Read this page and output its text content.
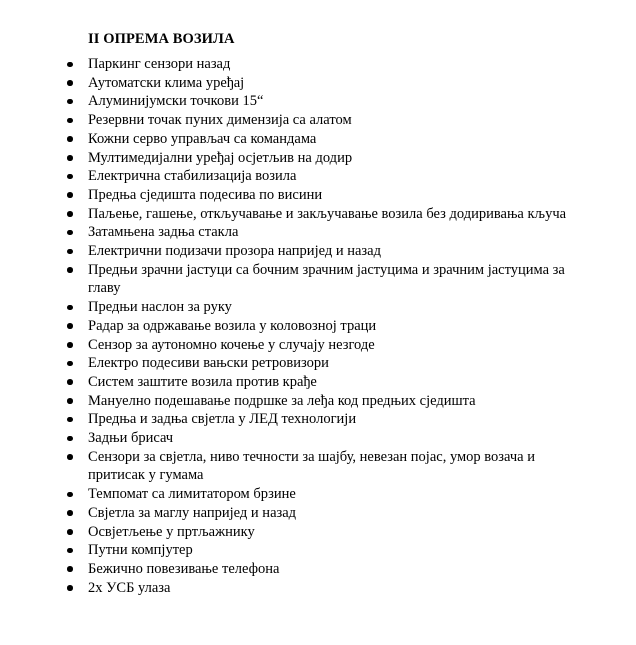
II ОПРЕМА ВОЗИЛА
Паркинг сензори назад
Аутоматски клима уређај
Алуминијумски точкови 15“
Резервни точак пуних димензија са алатом
Кожни серво управљач са командама
Мултимедијални уређај осјетљив на додир
Електрична стабилизација возила
Предња сједишта подесива по висини
Паљење, гашење, откључавање и закључавање возила без додиривања кључа
Затамњена задња стакла
Електрични подизачи прозора напријед и назад
Предњи зрачни јастуци са бочним зрачним јастуцима и зрачним јастуцима за главу
Предњи наслон за руку
Радар за одржавање возила у коловозној траци
Сензор за аутономно кочење у случају незгоде
Електро подесиви вањски ретровизори
Систем заштите возила против крађе
Мануелно подешавање подршке за леђа код предњих сједишта
Предња и задња свјетла у ЛЕД технологији
Задњи брисач
Сензори за свјетла, ниво течности за шајбу, невезан појас, умор возача и притисак у гумама
Темпомат са лимитатором брзине
Свјетла за маглу напријед и назад
Освјетљење у пртљажнику
Путни компјутер
Бежично повезивање телефона
2х УСБ улаза
